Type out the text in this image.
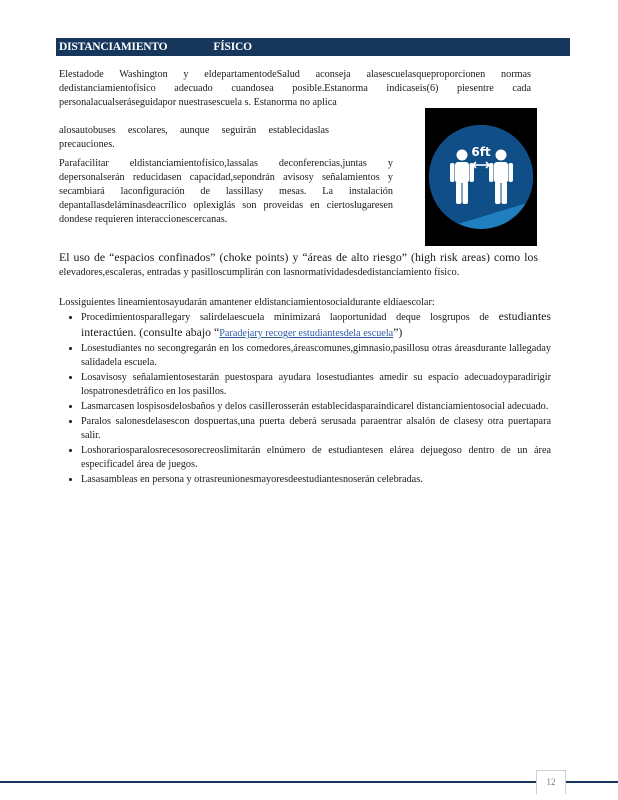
DISTANCIAMIENTO	FÍSICO
Elestadode Washington y eldepartamentodeSalud aconseja alasescuelasqueproporcionen normas dedistanciamientofísico adecuado cuandosea posible.Estanorma indicaseis(6) piesentre cada personalacualseráseguidapor nuestrasescuela s. Estanorma no aplica
alosautobuses escolares, aunque seguirán establecidaslas precauciones.
Parafacilitar eldistanciamientofísico,lassalas deconferencias,juntas y depersonalserán reducidasen capacidad,sepondrán avisosy señalamientos y secambiará laconfiguración de lassillasy mesas. La instalación depantallasdeláminasdeacrílico oplexiglás son proveidas en ciertoslugaresen dondese requieren interaccionescercanas.
El uso de “espacios confinados” (choke points) y “áreas de alto riesgo” (high risk areas) como los elevadores,escaleras, entradas y pasilloscumplirán con lasnormatividadesdedistanciamiento físico.
Lossiguientes lineamientosayudarán amantener eldistanciamientosocialdurante eldíaescolar:
• Procedimientosparallegary salirdelaescuela minimizará laoportunidad deque losgrupos de estudiantes interactúen. (consulte abajo “Paradejary recoger estudiantesdela escuela”)
• Losestudiantes no secongregarán en los comedores,áreascomunes,gimnasio,pasillosu otras áreasdurante lallegaday salidadela escuela.
• Losavisosy señalamientosestarán puestospara ayudara losestudiantes amedir su espacio adecuadoyparadirigir lospatronesdetráfico en los pasillos.
• Lasmarcasen lospisosdelosbaños y delos casillerosserán establecidasparaindicarel distanciamientosocial adecuado.
• Paralos salonesdelasescon dospuertas,una puerta deberá serusada paraentrar alsalón de clasesy otra puertapara salir.
• Loshorariosparalosrecesosorecreoslimitarán elnúmero de estudiantesen eláreа dejuegoso dentro de un área especificadel área de juegos.
• Lasasambleas en persona y otrasreunionesmayoresdeestudiantesnoserán celebradas.
6ft
12
